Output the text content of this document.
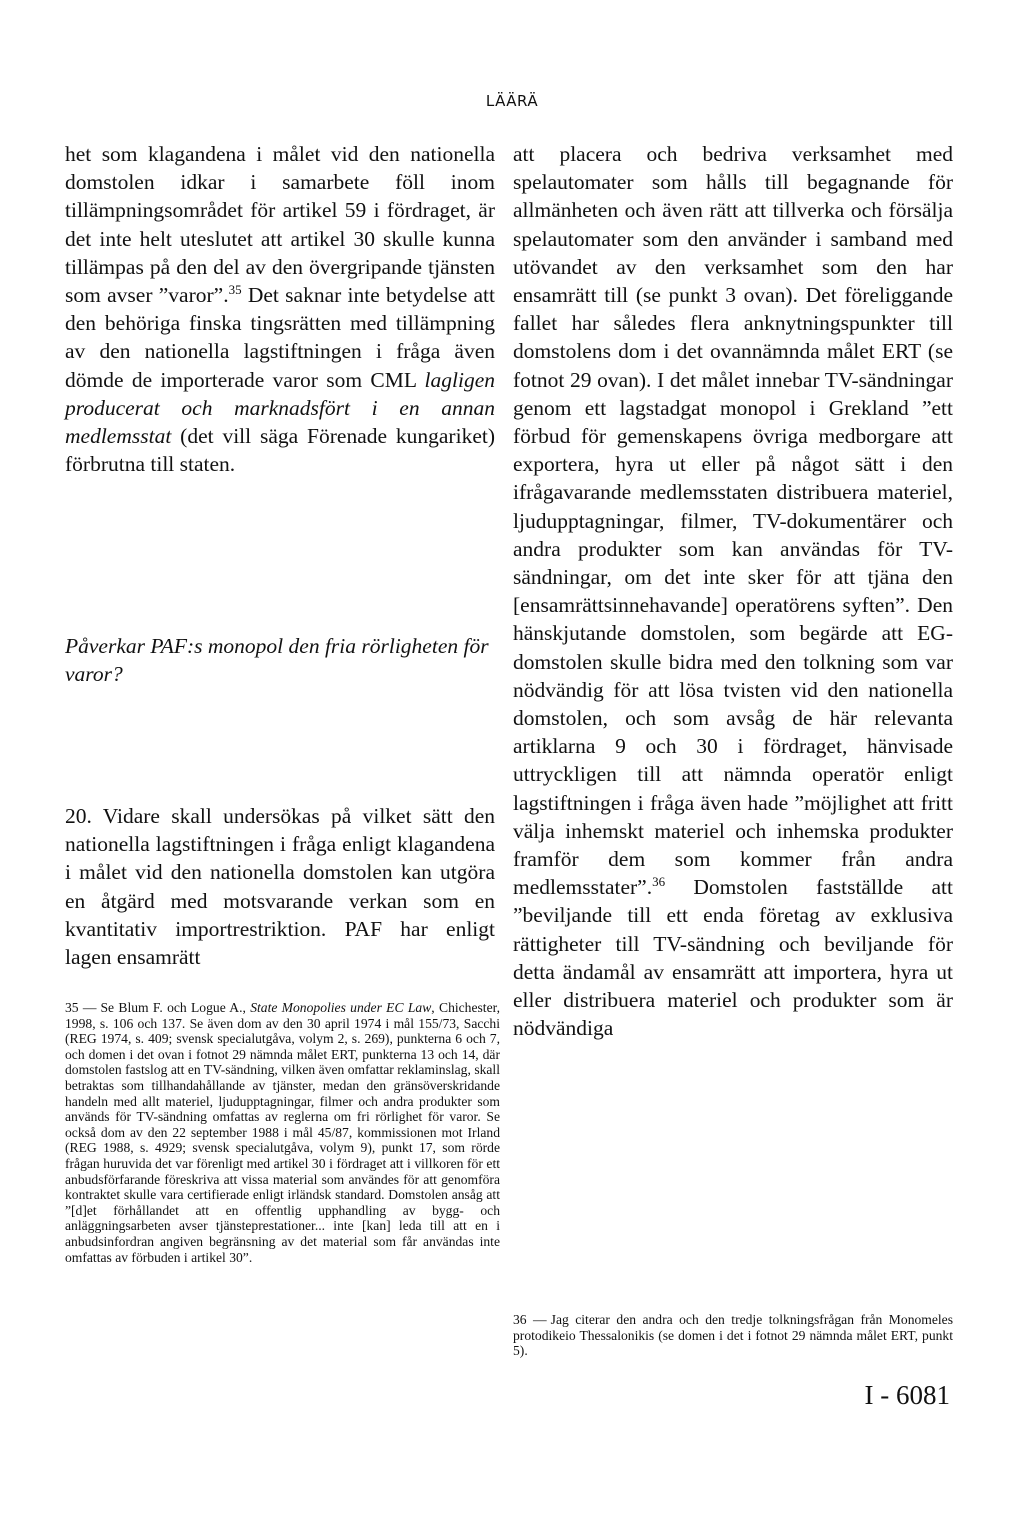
LÄÄRÄ

het som klagandena i målet vid den nationella domstolen idkar i samarbete föll inom tillämpningsområdet för artikel 59 i fördraget, är det inte helt uteslutet att artikel 30 skulle kunna tillämpas på den del av den övergripande tjänsten som avser ”varor”.$^{35}$ Det saknar inte betydelse att den behöriga finska tingsrätten med tillämpning av den nationella lagstiftningen i fråga även dömde de importerade varor som CML lagligen producerat och marknadsfört i en annan medlemsstat (det vill säga Förenade kungariket) förbrutna till staten.

Påverkar PAF:s monopol den fria rörligheten för varor?

20. Vidare skall undersökas på vilket sätt den nationella lagstiftningen i fråga enligt klagandena i målet vid den nationella domstolen kan utgöra en åtgärd med motsvarande verkan som en kvantitativ importrestriktion. PAF har enligt lagen ensamrätt

att placera och bedriva verksamhet med spelautomater som hålls till begagnande för allmänheten och även rätt att tillverka och försälja spelautomater som den använder i samband med utövandet av den verksamhet som den har ensamrätt till (se punkt 3 ovan). Det föreliggande fallet har således flera anknytningspunkter till domstolens dom i det ovannämnda målet ERT (se fotnot 29 ovan). I det målet innebar TV-sändningar genom ett lagstadgat monopol i Grekland ”ett förbud för gemenskapens övriga medborgare att exportera, hyra ut eller på något sätt i den ifrågavarande medlemsstaten distribuera materiel, ljudupptagningar, filmer, TV-dokumentärer och andra produkter som kan användas för TV-sändningar, om det inte sker för att tjäna den [ensamrättsinnehavande] operatörens syften”. Den hänskjutande domstolen, som begärde att EG-domstolen skulle bidra med den tolkning som var nödvändig för att lösa tvisten vid den nationella domstolen, och som avsåg de här relevanta artiklarna 9 och 30 i fördraget, hänvisade uttryckligen till att nämnda operatör enligt lagstiftningen i fråga även hade ”möjlighet att fritt välja inhemskt materiel och inhemska produkter framför dem som kommer från andra medlemsstater”.$^{36}$ Domstolen fastställde att ”beviljande till ett enda företag av exklusiva rättigheter till TV-sändning och beviljande för detta ändamål av ensamrätt att importera, hyra ut eller distribuera materiel och produkter som är nödvändiga

35 — Se Blum F. och Logue A., State Monopolies under EC Law, Chichester, 1998, s. 106 och 137. Se även dom av den 30 april 1974 i mål 155/73, Sacchi (REG 1974, s. 409; svensk specialutgåva, volym 2, s. 269), punkterna 6 och 7, och domen i det ovan i fotnot 29 nämnda målet ERT, punkterna 13 och 14, där domstolen fastslog att en TV-sändning, vilken även omfattar reklaminslag, skall betraktas som tillhandahållande av tjänster, medan den gränsöverskridande handeln med allt materiel, ljudupptagningar, filmer och andra produkter som används för TV-sändning omfattas av reglerna om fri rörlighet för varor. Se också dom av den 22 september 1988 i mål 45/87, kommissionen mot Irland (REG 1988, s. 4929; svensk specialutgåva, volym 9), punkt 17, som rörde frågan huruvida det var förenligt med artikel 30 i fördraget att i villkoren för ett anbudsförfarande föreskriva att vissa material som användes för att genomföra kontraktet skulle vara certifierade enligt irländsk standard. Domstolen ansåg att ”[d]et förhållandet att en offentlig upphandling av bygg- och anläggningsarbeten avser tjänsteprestationer... inte [kan] leda till att en i anbudsinfordran angiven begränsning av det material som får användas inte omfattas av förbuden i artikel 30”.

36 — Jag citerar den andra och den tredje tolkningsfrågan från Monomeles protodikeio Thessalonikis (se domen i det i fotnot 29 nämnda målet ERT, punkt 5).

I - 6081
